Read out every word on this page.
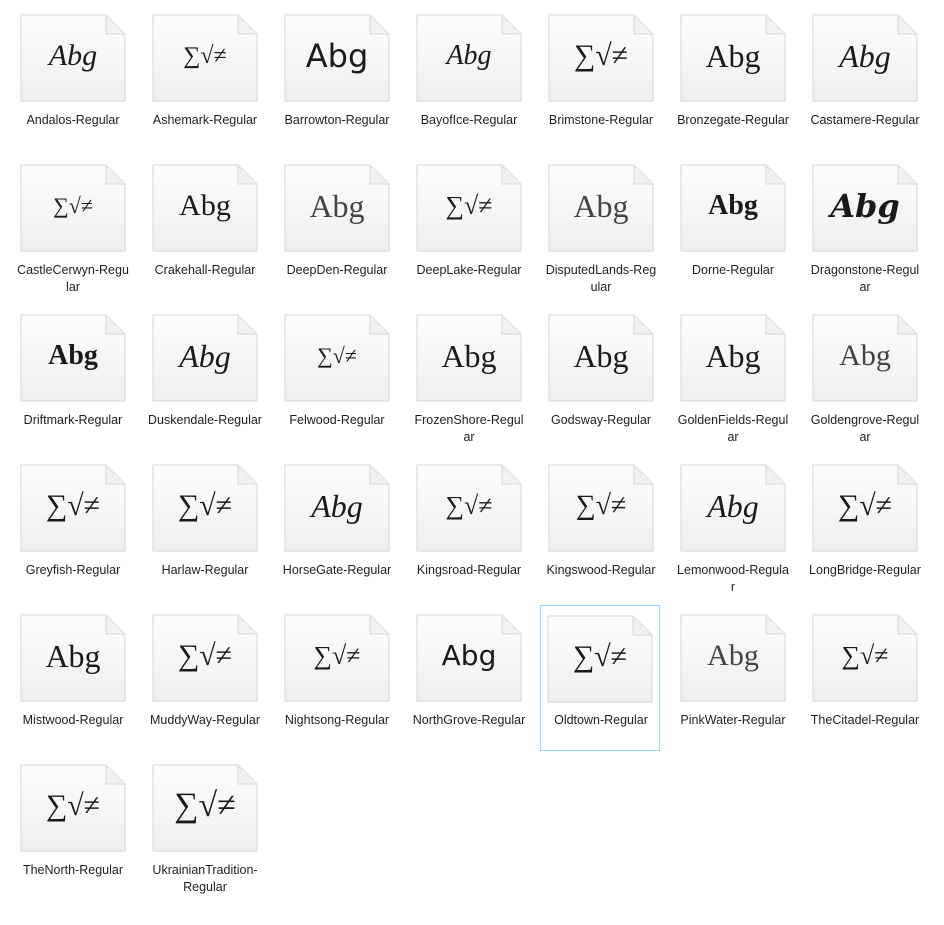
Abg
Andalos-Regular
∑√≠
Ashemark-Regular
Abg
Barrowton-Regular
Abg
BayofIce-Regular
∑√≠
Brimstone-Regular
Abg
Bronzegate-Regular
Abg
Castamere-Regular
∑√≠
CastleCerwyn-Regular
Abg
Crakehall-Regular
Abg
DeepDen-Regular
∑√≠
DeepLake-Regular
Abg
DisputedLands-Regular
Abg
Dorne-Regular
Abg
Dragonstone-Regular
Abg
Driftmark-Regular
Abg
Duskendale-Regular
∑√≠
Felwood-Regular
Abg
FrozenShore-Regular
Abg
Godsway-Regular
Abg
GoldenFields-Regular
Abg
Goldengrove-Regular
∑√≠
Greyfish-Regular
∑√≠
Harlaw-Regular
Abg
HorseGate-Regular
∑√≠
Kingsroad-Regular
∑√≠
Kingswood-Regular
Abg
Lemonwood-Regular
∑√≠
LongBridge-Regular
Abg
Mistwood-Regular
∑√≠
MuddyWay-Regular
∑√≠
Nightsong-Regular
Abg
NorthGrove-Regular
∑√≠
Oldtown-Regular
Abg
PinkWater-Regular
∑√≠
TheCitadel-Regular
∑√≠
TheNorth-Regular
∑√≠
UkrainianTradition-Regular
